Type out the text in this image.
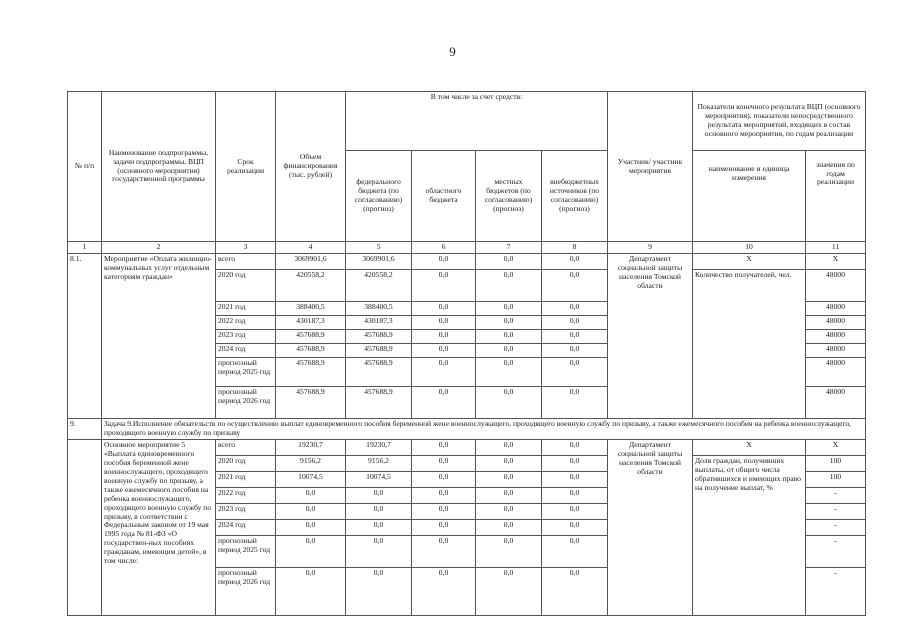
9
№ п/п	Наименование подпрограммы, задачи подпрограммы, ВЦП (основного мероприятия) государственной программы	Срок реализации	Объем финансирования (тыс. рублей)	В том числе за счет средств:				Участник/ участник мероприятия	Показатели конечного результата ВЦП (основного мероприятия), показатели непосредственного результата мероприятий, входящих в состав основного мероприятия, по годам реализации	
				федерального бюджета (по согласованию) (прогноз)	областного бюджета	местных бюджетов (по согласованию) (прогноз)	внебюджетных источников (по согласованию) (прогноз)		наименование и единица измерения	значения по годам реализации
1	2	3	4	5	6	7	8	9	10	11
8.1.	Мероприятие «Оплата жилищно-коммунальных услуг отдельным категориям граждан»	всего	3069901,6	3069901,6	0,0	0,0	0,0	Департамент социальной защиты населения Томской области	Х	Х
		2020 год	420558,2	420558,2	0,0	0,0	0,0		Количество получателей, чел.	48000
		2021 год	388400,5	388400,5	0,0	0,0	0,0			48000
		2022 год	430187,3	430187,3	0,0	0,0	0,0			48000
		2023 год	457688,9	457688,9	0,0	0,0	0,0			48000
		2024 год	457688,9	457688,9	0,0	0,0	0,0			48000
		прогнозный период 2025 год	457688,9	457688,9	0,0	0,0	0,0			48000
		прогнозный период 2026 год	457688,9	457688,9	0,0	0,0	0,0			48000
9.	Задача 9.Исполнение обязательств по осуществлению выплат единовременного пособия беременной жене военнослужащего, проходящего военную службу по призыву, а также ежемесячного пособия на ребенка военнослужащего, проходящего военную службу по призыву									
	Основное мероприятие 5 «Выплата единовременного пособия беременной жене военнослужащего, проходящего военную службу по призыву, а также ежемесячного пособия на ребенка военнослужащего, проходящего военную службу по призыву, в соответствии с Федеральным законом от 19 мая 1995 года № 81-ФЗ «О государствен-ных пособиях гражданам, имеющим детей», в том числе:	всего	19230,7	19230,7	0,0	0,0	0,0	Департамент социальной защиты населения Томской области	Х	Х
		2020 год	9156,2	9156,2	0,0	0,0	0,0		Доля граждан, получивших выплаты, от общего числа обратившихся и имеющих право на получение выплат, %	100
		2021 год	10074,5	10074,5	0,0	0,0	0,0			100
		2022 год	0,0	0,0	0,0	0,0	0,0			-
		2023 год	0,0	0,0	0,0	0,0	0,0			-
		2024 год	0,0	0,0	0,0	0,0	0,0			-
		прогнозный период 2025 год	0,0	0,0	0,0	0,0	0,0			-
		прогнозный период 2026 год	0,0	0,0	0,0	0,0	0,0			-
